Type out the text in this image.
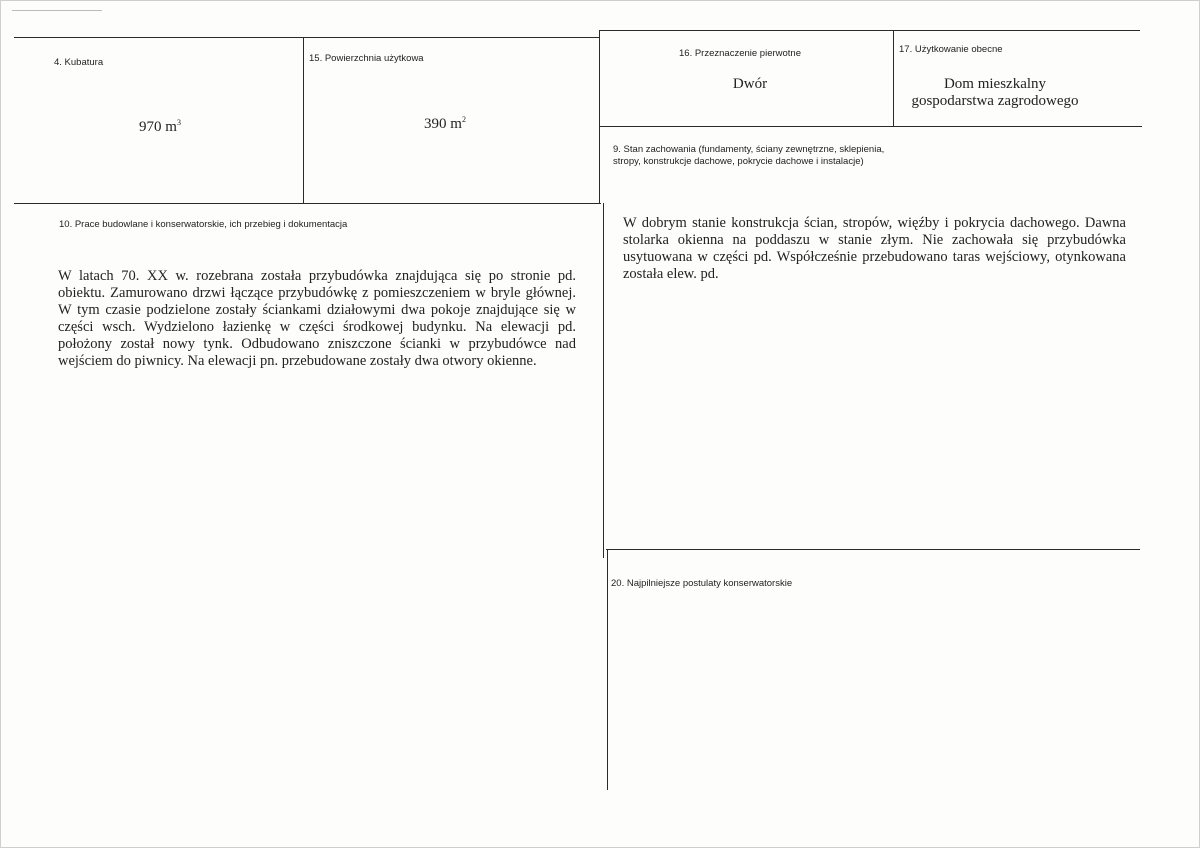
4. Kubatura
970 $m^3$
15. Powierzchnia użytkowa
390 $m^2$
16. Przeznaczenie pierwotne
Dwór
17. Użytkowanie obecne
Dom mieszkalny
gospodarstwa zagrodowego
9. Stan zachowania (fundamenty, ściany zewnętrzne, sklepienia,
stropy, konstrukcje dachowe, pokrycie dachowe i instalacje)
W dobrym stanie konstrukcja ścian, stropów, więźby i pokrycia dachowego. Dawna stolarka okienna na poddaszu w stanie złym. Nie zachowała się przybudówka usytuowana w części pd. Współcześnie przebudowano taras wejściowy, otynkowana została elew. pd.
10. Prace budowlane i konserwatorskie, ich przebieg i dokumentacja
W latach 70. XX w. rozebrana została przybudówka znajdująca się po stronie pd. obiektu. Zamurowano drzwi łączące przybudówkę z pomieszczeniem w bryle głównej. W tym czasie podzielone zostały ściankami działowymi dwa pokoje znajdujące się w części wsch. Wydzielono łazienkę w części środkowej budynku. Na elewacji pd. położony został nowy tynk. Odbudowano zniszczone ścianki w przybudówce nad wejściem do piwnicy. Na elewacji pn. przebudowane zostały dwa otwory okienne.
20. Najpilniejsze postulaty konserwatorskie
